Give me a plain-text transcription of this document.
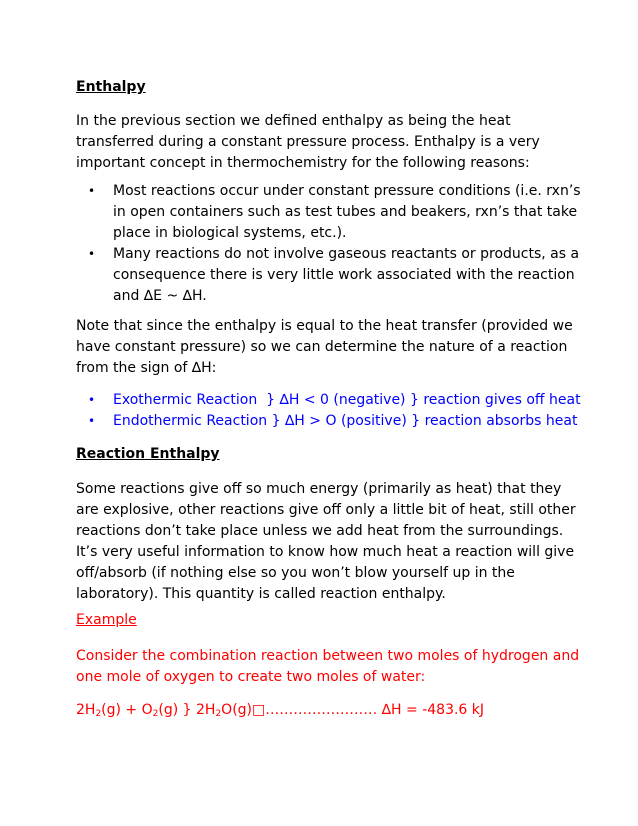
Enthalpy

In the previous section we defined enthalpy as being the heat transferred during a constant pressure process. Enthalpy is a very important concept in thermochemistry for the following reasons:

• Most reactions occur under constant pressure conditions (i.e. rxn’s in open containers such as test tubes and beakers, rxn’s that take place in biological systems, etc.).
• Many reactions do not involve gaseous reactants or products, as a consequence there is very little work associated with the reaction and ∆E ~ ∆H.

Note that since the enthalpy is equal to the heat transfer (provided we have constant pressure) so we can determine the nature of a reaction from the sign of ∆H:

• Exothermic Reaction  } ∆H < 0 (negative) } reaction gives off heat
• Endothermic Reaction } ∆H > O (positive) } reaction absorbs heat
Reaction Enthalpy

Some reactions give off so much energy (primarily as heat) that they are explosive, other reactions give off only a little bit of heat, still other reactions don’t take place unless we add heat from the surroundings. It’s very useful information to know how much heat a reaction will give off/absorb (if nothing else so you won’t blow yourself up in the laboratory). This quantity is called reaction enthalpy.

Example

Consider the combination reaction between two moles of hydrogen and one mole of oxygen to create two moles of water:

2H2(g) + O2(g) } 2H2O(g)□…………………… ∆H = -483.6 kJ
